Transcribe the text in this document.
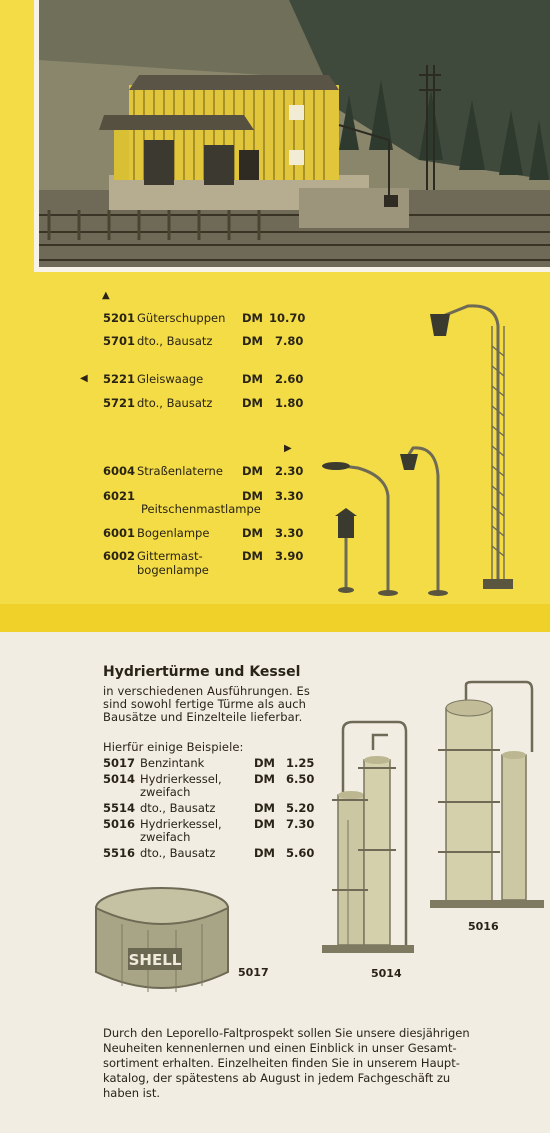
▲
5201 Güterschuppen DM 10.70
5701 dto., Bausatz	DM 7.80
◀ 5221 Gleiswaage	DM 2.60
5721 dto., Bausatz	DM 1.80
▶
6004 Straßenlaterne DM 2.30
6021	DM 3.30
Peitschenmastlampe
6001 Bogenlampe	DM 3.30
6002 Gittermast-	DM 3.90
bogenlampe
Hydriertürme und Kessel
in verschiedenen Ausführungen. Es
sind sowohl fertige Türme als auch
Bausätze und Einzelteile lieferbar.
Hierfür einige Beispiele:
5017 Benzintank	DM 1.25
5014 Hydrierkessel,	DM 6.50
zweifach
5514 dto., Bausatz	DM 5.20
5016 Hydrierkessel,	DM 7.30
zweifach
5516 dto., Bausatz	DM 5.60
SHELL
5017	5014
5016
Durch den Leporello-Faltprospekt sollen Sie unsere diesjährigen
Neuheiten kennenlernen und einen Einblick in unser Gesamt-
sortiment erhalten. Einzelheiten finden Sie in unserem Haupt-
katalog, der spätestens ab August in jedem Fachgeschäft zu
haben ist.
